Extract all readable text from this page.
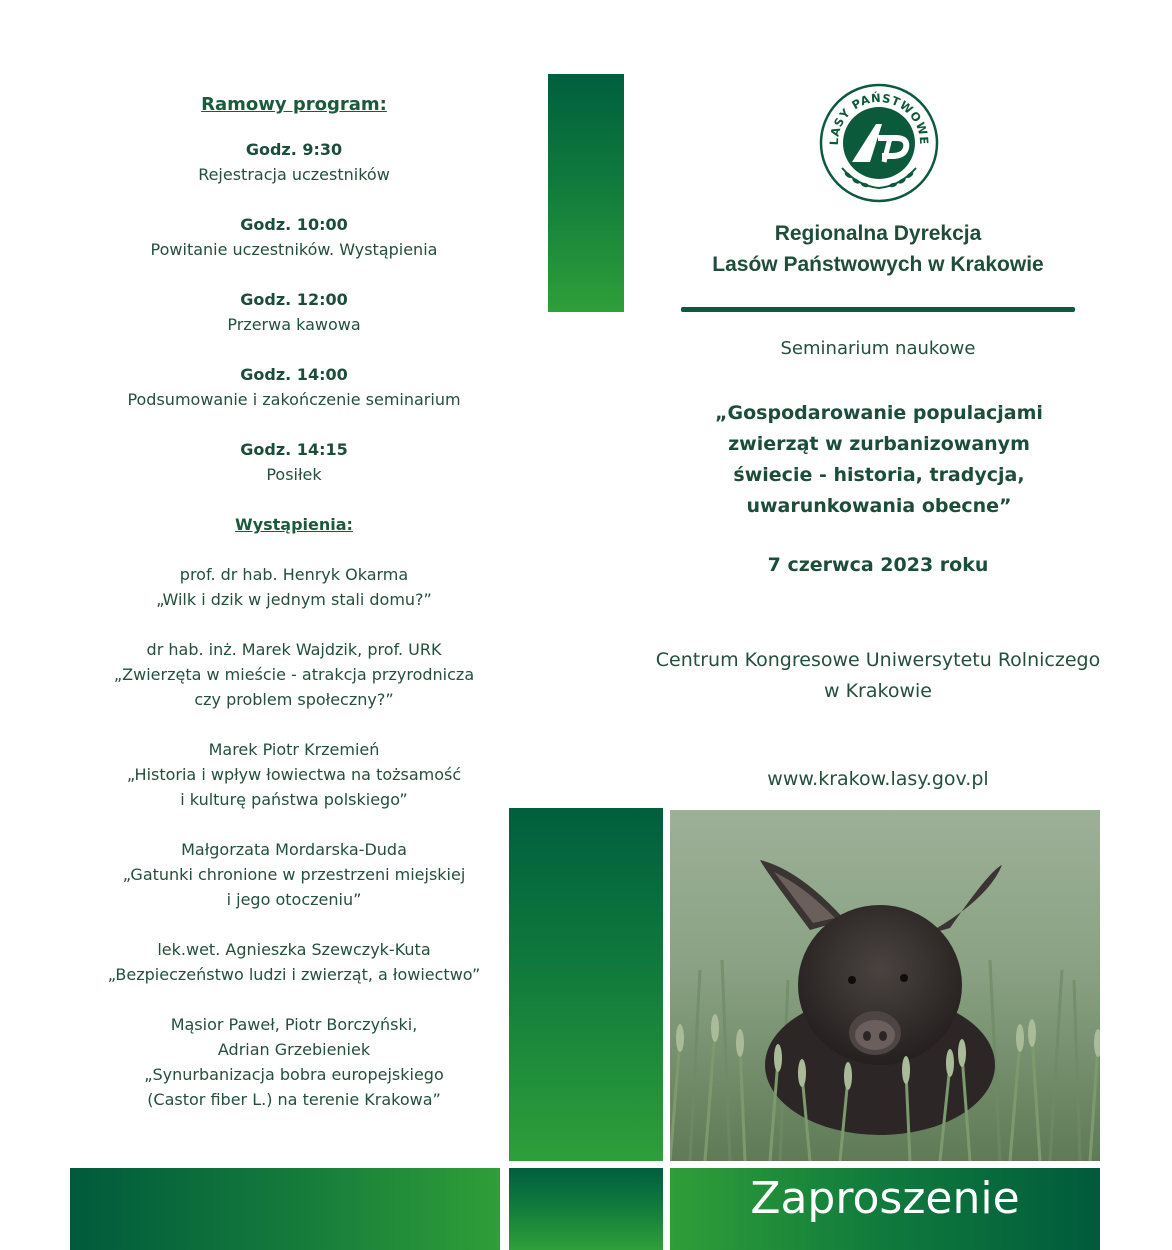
Zaproszenie
Ramowy program:
Godz. 9:30
Rejestracja uczestników
Godz. 10:00
Powitanie uczestników. Wystąpienia
Godz. 12:00
Przerwa kawowa
Godz. 14:00
Podsumowanie i zakończenie seminarium
Godz. 14:15
Posiłek
Wystąpienia:
prof. dr hab. Henryk Okarma
„Wilk i dzik w jednym stali domu?”
dr hab. inż. Marek Wajdzik, prof. URK
„Zwierzęta w mieście - atrakcja przyrodnicza
czy problem społeczny?”
Marek Piotr Krzemień
„Historia i wpływ łowiectwa na tożsamość
i kulturę państwa polskiego”
Małgorzata Mordarska-Duda
„Gatunki chronione w przestrzeni miejskiej
i jego otoczeniu”
lek.wet. Agnieszka Szewczyk-Kuta
„Bezpieczeństwo ludzi i zwierząt, a łowiectwo”
Mąsior Paweł, Piotr Borczyński,
Adrian Grzebieniek
„Synurbanizacja bobra europejskiego
(Castor fiber L.) na terenie Krakowa”
LASY PAŃSTWOWE
Regionalna Dyrekcja
Lasów Państwowych w Krakowie
Seminarium naukowe
„Gospodarowanie populacjami
zwierząt w zurbanizowanym
świecie - historia, tradycja,
uwarunkowania obecne”
7 czerwca 2023 roku
Centrum Kongresowe Uniwersytetu Rolniczego
w Krakowie
www.krakow.lasy.gov.pl
